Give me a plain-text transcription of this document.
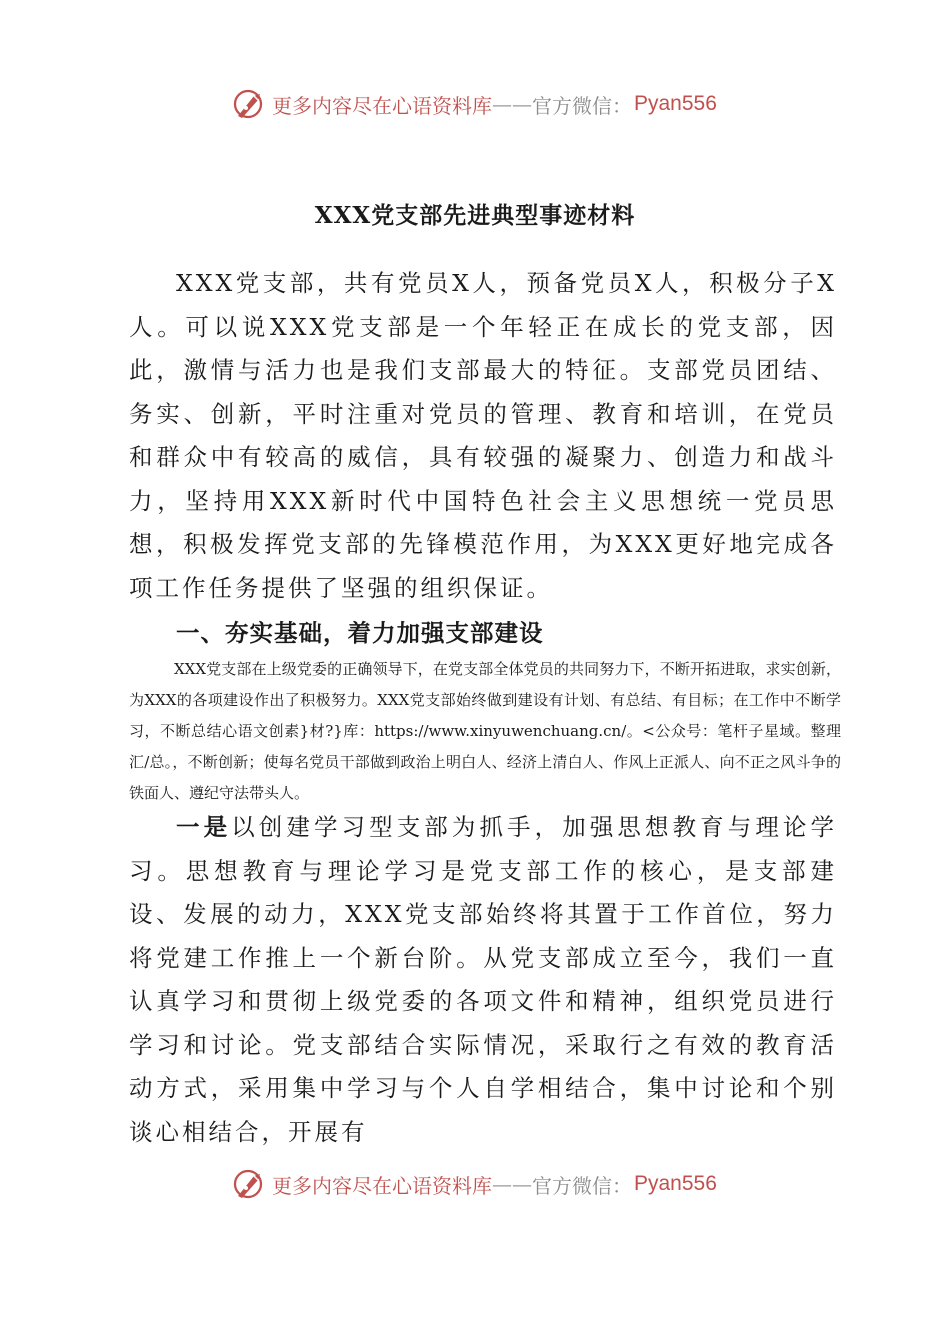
更多内容尽在心语资料库 —— 官方微信： Pyan556
XXX党支部先进典型事迹材料

XXX党支部，共有党员X人，预备党员X人，积极分子X人。可以说XXX党支部是一个年轻正在成长的党支部，因此，激情与活力也是我们支部最大的特征。支部党员团结、务实、创新，平时注重对党员的管理、教育和培训，在党员和群众中有较高的威信，具有较强的凝聚力、创造力和战斗力，坚持用XXX新时代中国特色社会主义思想统一党员思想，积极发挥党支部的先锋模范作用，为XXX更好地完成各项工作任务提供了坚强的组织保证。

一、夯实基础，着力加强支部建设

XXX党支部在上级党委的正确领导下，在党支部全体党员的共同努力下，不断开拓进取，求实创新，为XXX的各项建设作出了积极努力。XXX党支部始终做到建设有计划、有总结、有目标；在工作中不断学习，不断总结心语文创素}材?}库：https://www.xinyuwenchuang.cn/。<公众号：笔杆子星域。整理汇/总。，不断创新；使每名党员干部做到政治上明白人、经济上清白人、作风上正派人、向不正之风斗争的铁面人、遵纪守法带头人。

一是以创建学习型支部为抓手，加强思想教育与理论学习。思想教育与理论学习是党支部工作的核心，是支部建设、发展的动力，XXX党支部始终将其置于工作首位，努力将党建工作推上一个新台阶。从党支部成立至今，我们一直认真学习和贯彻上级党委的各项文件和精神，组织党员进行学习和讨论。党支部结合实际情况，采取行之有效的教育活动方式，采用集中学习与个人自学相结合，集中讨论和个别谈心相结合，开展有

更多内容尽在心语资料库 —— 官方微信： Pyan556
